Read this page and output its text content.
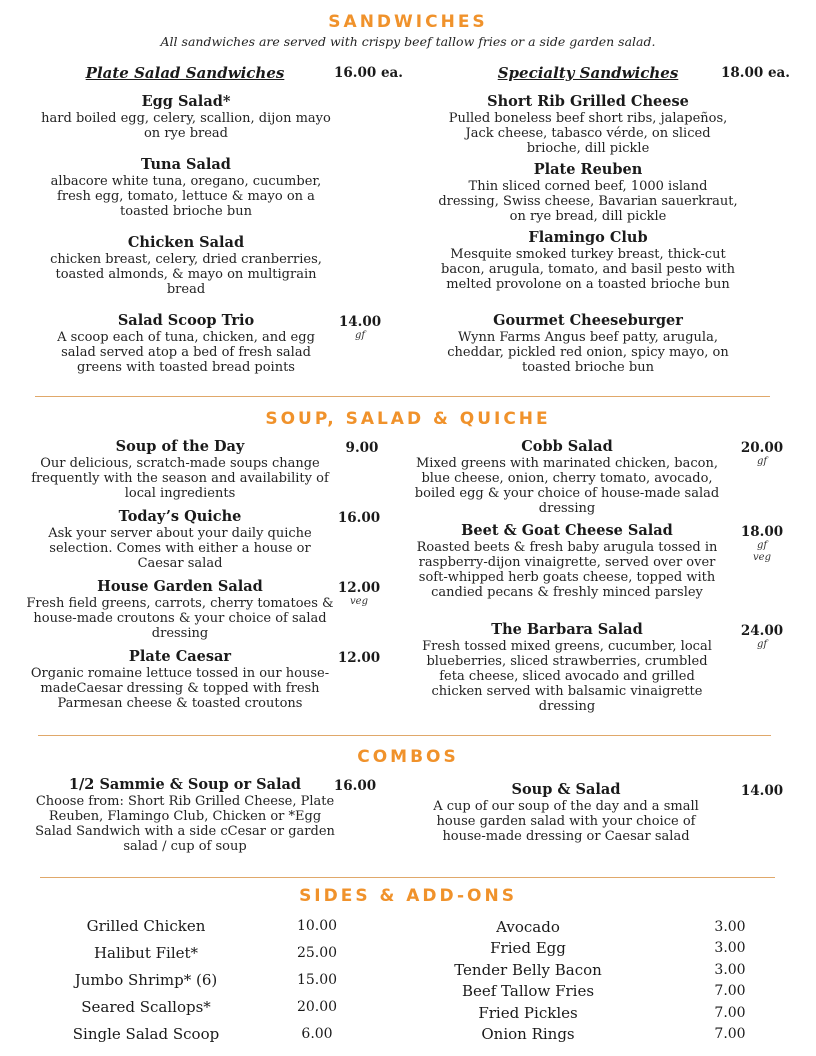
SANDWICHES
All sandwiches are served with crispy beef tallow fries or a side garden salad.
Plate Salad Sandwiches	16.00 ea.	Specialty Sandwiches	18.00 ea.
Egg Salad*
hard boiled egg, celery, scallion, dijon mayo on rye bread
Tuna Salad
albacore white tuna, oregano, cucumber, fresh egg, tomato, lettuce & mayo on a toasted brioche bun
Chicken Salad
chicken breast, celery, dried cranberries, toasted almonds, & mayo on multigrain bread
Salad Scoop Trio
A scoop each of tuna, chicken, and egg salad served atop a bed of fresh salad greens with toasted bread points
14.00
gf
Short Rib Grilled Cheese
Pulled boneless beef short ribs, jalapeños, Jack cheese, tabasco vérde, on sliced brioche, dill pickle
Plate Reuben
Thin sliced corned beef, 1000 island dressing, Swiss cheese, Bavarian sauerkraut, on rye bread, dill pickle
Flamingo Club
Mesquite smoked turkey breast, thick-cut bacon, arugula, tomato, and basil pesto with melted provolone on a toasted brioche bun
Gourmet Cheeseburger
Wynn Farms Angus beef patty, arugula, cheddar, pickled red onion, spicy mayo, on toasted brioche bun
SOUP, SALAD & QUICHE
Soup of the Day
Our delicious, scratch-made soups change frequently with the season and availability of local ingredients
9.00
Today’s Quiche
Ask your server about your daily quiche selection. Comes with either a house or Caesar salad
16.00
House Garden Salad
Fresh field greens, carrots, cherry tomatoes & house-made croutons & your choice of salad dressing
12.00
veg
Plate Caesar
Organic romaine lettuce tossed in our house-madeCaesar dressing & topped with fresh Parmesan cheese & toasted croutons
12.00
Cobb Salad
Mixed greens with marinated chicken, bacon, blue cheese, onion, cherry tomato, avocado, boiled egg & your choice of house-made salad dressing
20.00
gf
Beet & Goat Cheese Salad
Roasted beets & fresh baby arugula tossed in raspberry-dijon vinaigrette, served over over soft-whipped herb goats cheese, topped with candied pecans & freshly minced parsley
18.00
gf
veg
The Barbara Salad
Fresh tossed mixed greens, cucumber, local blueberries, sliced strawberries, crumbled feta cheese, sliced avocado and grilled chicken served with balsamic vinaigrette dressing
24.00
gf
COMBOS
1/2 Sammie & Soup or Salad
Choose from: Short Rib Grilled Cheese, Plate Reuben, Flamingo Club, Chicken or *Egg Salad Sandwich with a side cCesar or garden salad / cup of soup
16.00	Soup & Salad
A cup of our soup of the day and a small house garden salad with your choice of house-made dressing or Caesar salad
14.00
SIDES & ADD-ONS
Grilled Chicken	10.00
Halibut Filet*	25.00
Jumbo Shrimp* (6)	15.00
Seared Scallops*	20.00
Single Salad Scoop	6.00
Avocado	3.00
Fried Egg	3.00
Tender Belly Bacon	3.00
Beef Tallow Fries	7.00
Fried Pickles	7.00
Onion Rings	7.00
